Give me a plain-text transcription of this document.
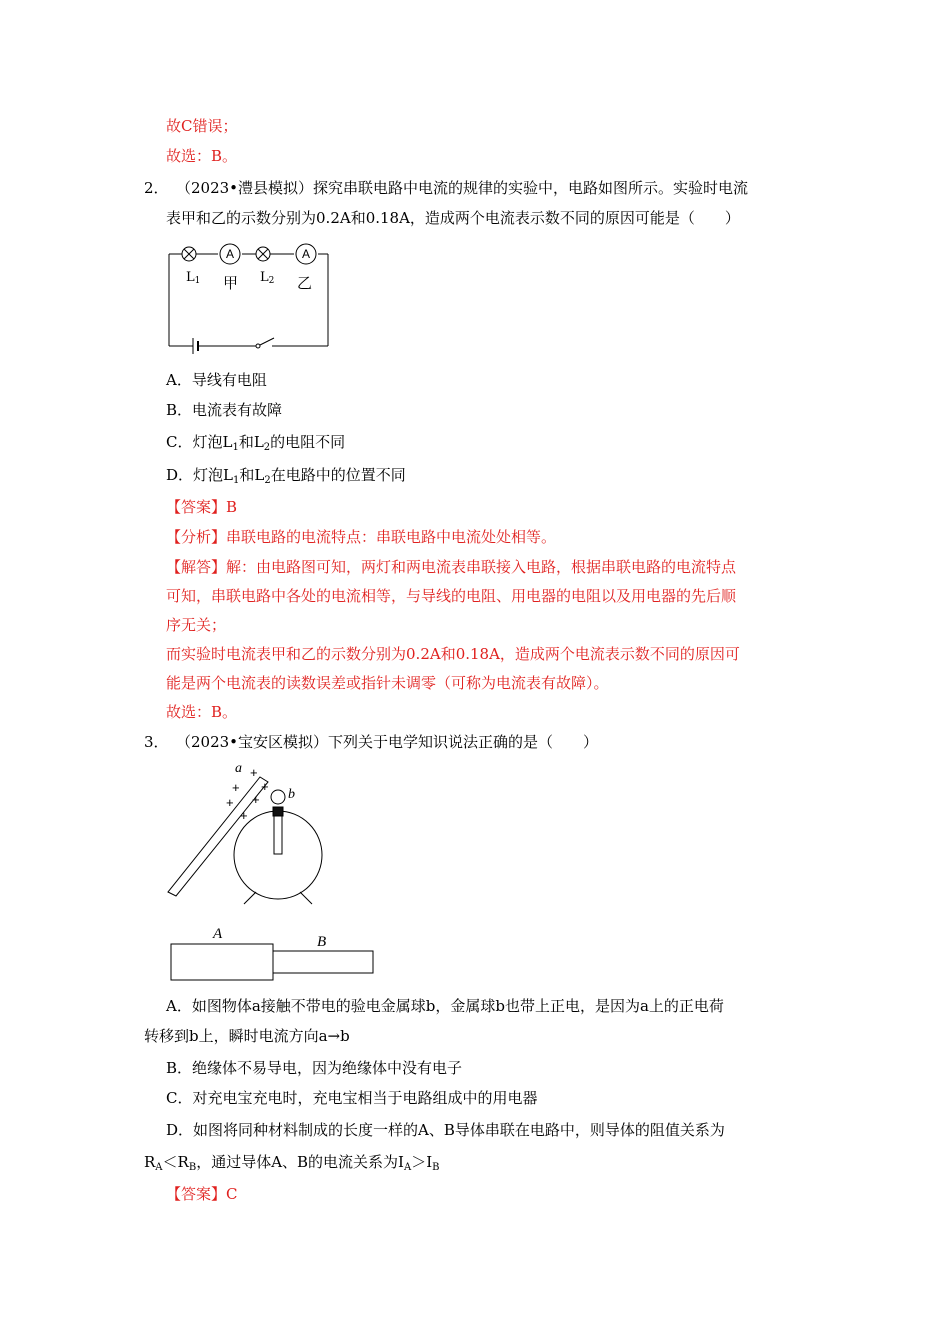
故C错误；
故选：B。
2． （2023•澧县模拟）探究串联电路中电流的规律的实验中，电路如图所示。实验时电流
表甲和乙的示数分别为0.2A和0.18A，造成两个电流表示数不同的原因可能是（　　）
A	A
L1 甲 L2 乙
A．导线有电阻
B．电流表有故障
C．灯泡$L_1$和$L_2$的电阻不同
D．灯泡$L_1$和$L_2$在电路中的位置不同
【答案】B
【分析】串联电路的电流特点：串联电路中电流处处相等。
【解答】解：由电路图可知，两灯和两电流表串联接入电路，根据串联电路的电流特点
可知，串联电路中各处的电流相等，与导线的电阻、用电器的电阻以及用电器的先后顺
序无关；
而实验时电流表甲和乙的示数分别为0.2A和0.18A，造成两个电流表示数不同的原因可
能是两个电流表的读数误差或指针未调零（可称为电流表有故障）。
故选：B。
3． （2023•宝安区模拟）下列关于电学知识说法正确的是（　　）
+
+ +
+ +
+
a
b
A	B
A．如图物体a接触不带电的验电金属球b，金属球b也带上正电，是因为a上的正电荷
转移到b上，瞬时电流方向a→b
B．绝缘体不易导电，因为绝缘体中没有电子
C．对充电宝充电时，充电宝相当于电路组成中的用电器
D．如图将同种材料制成的长度一样的A、B导体串联在电路中，则导体的阻值关系为
$R_A<R_B$，通过导体A、B的电流关系为$I_A>I_B$
【答案】C
